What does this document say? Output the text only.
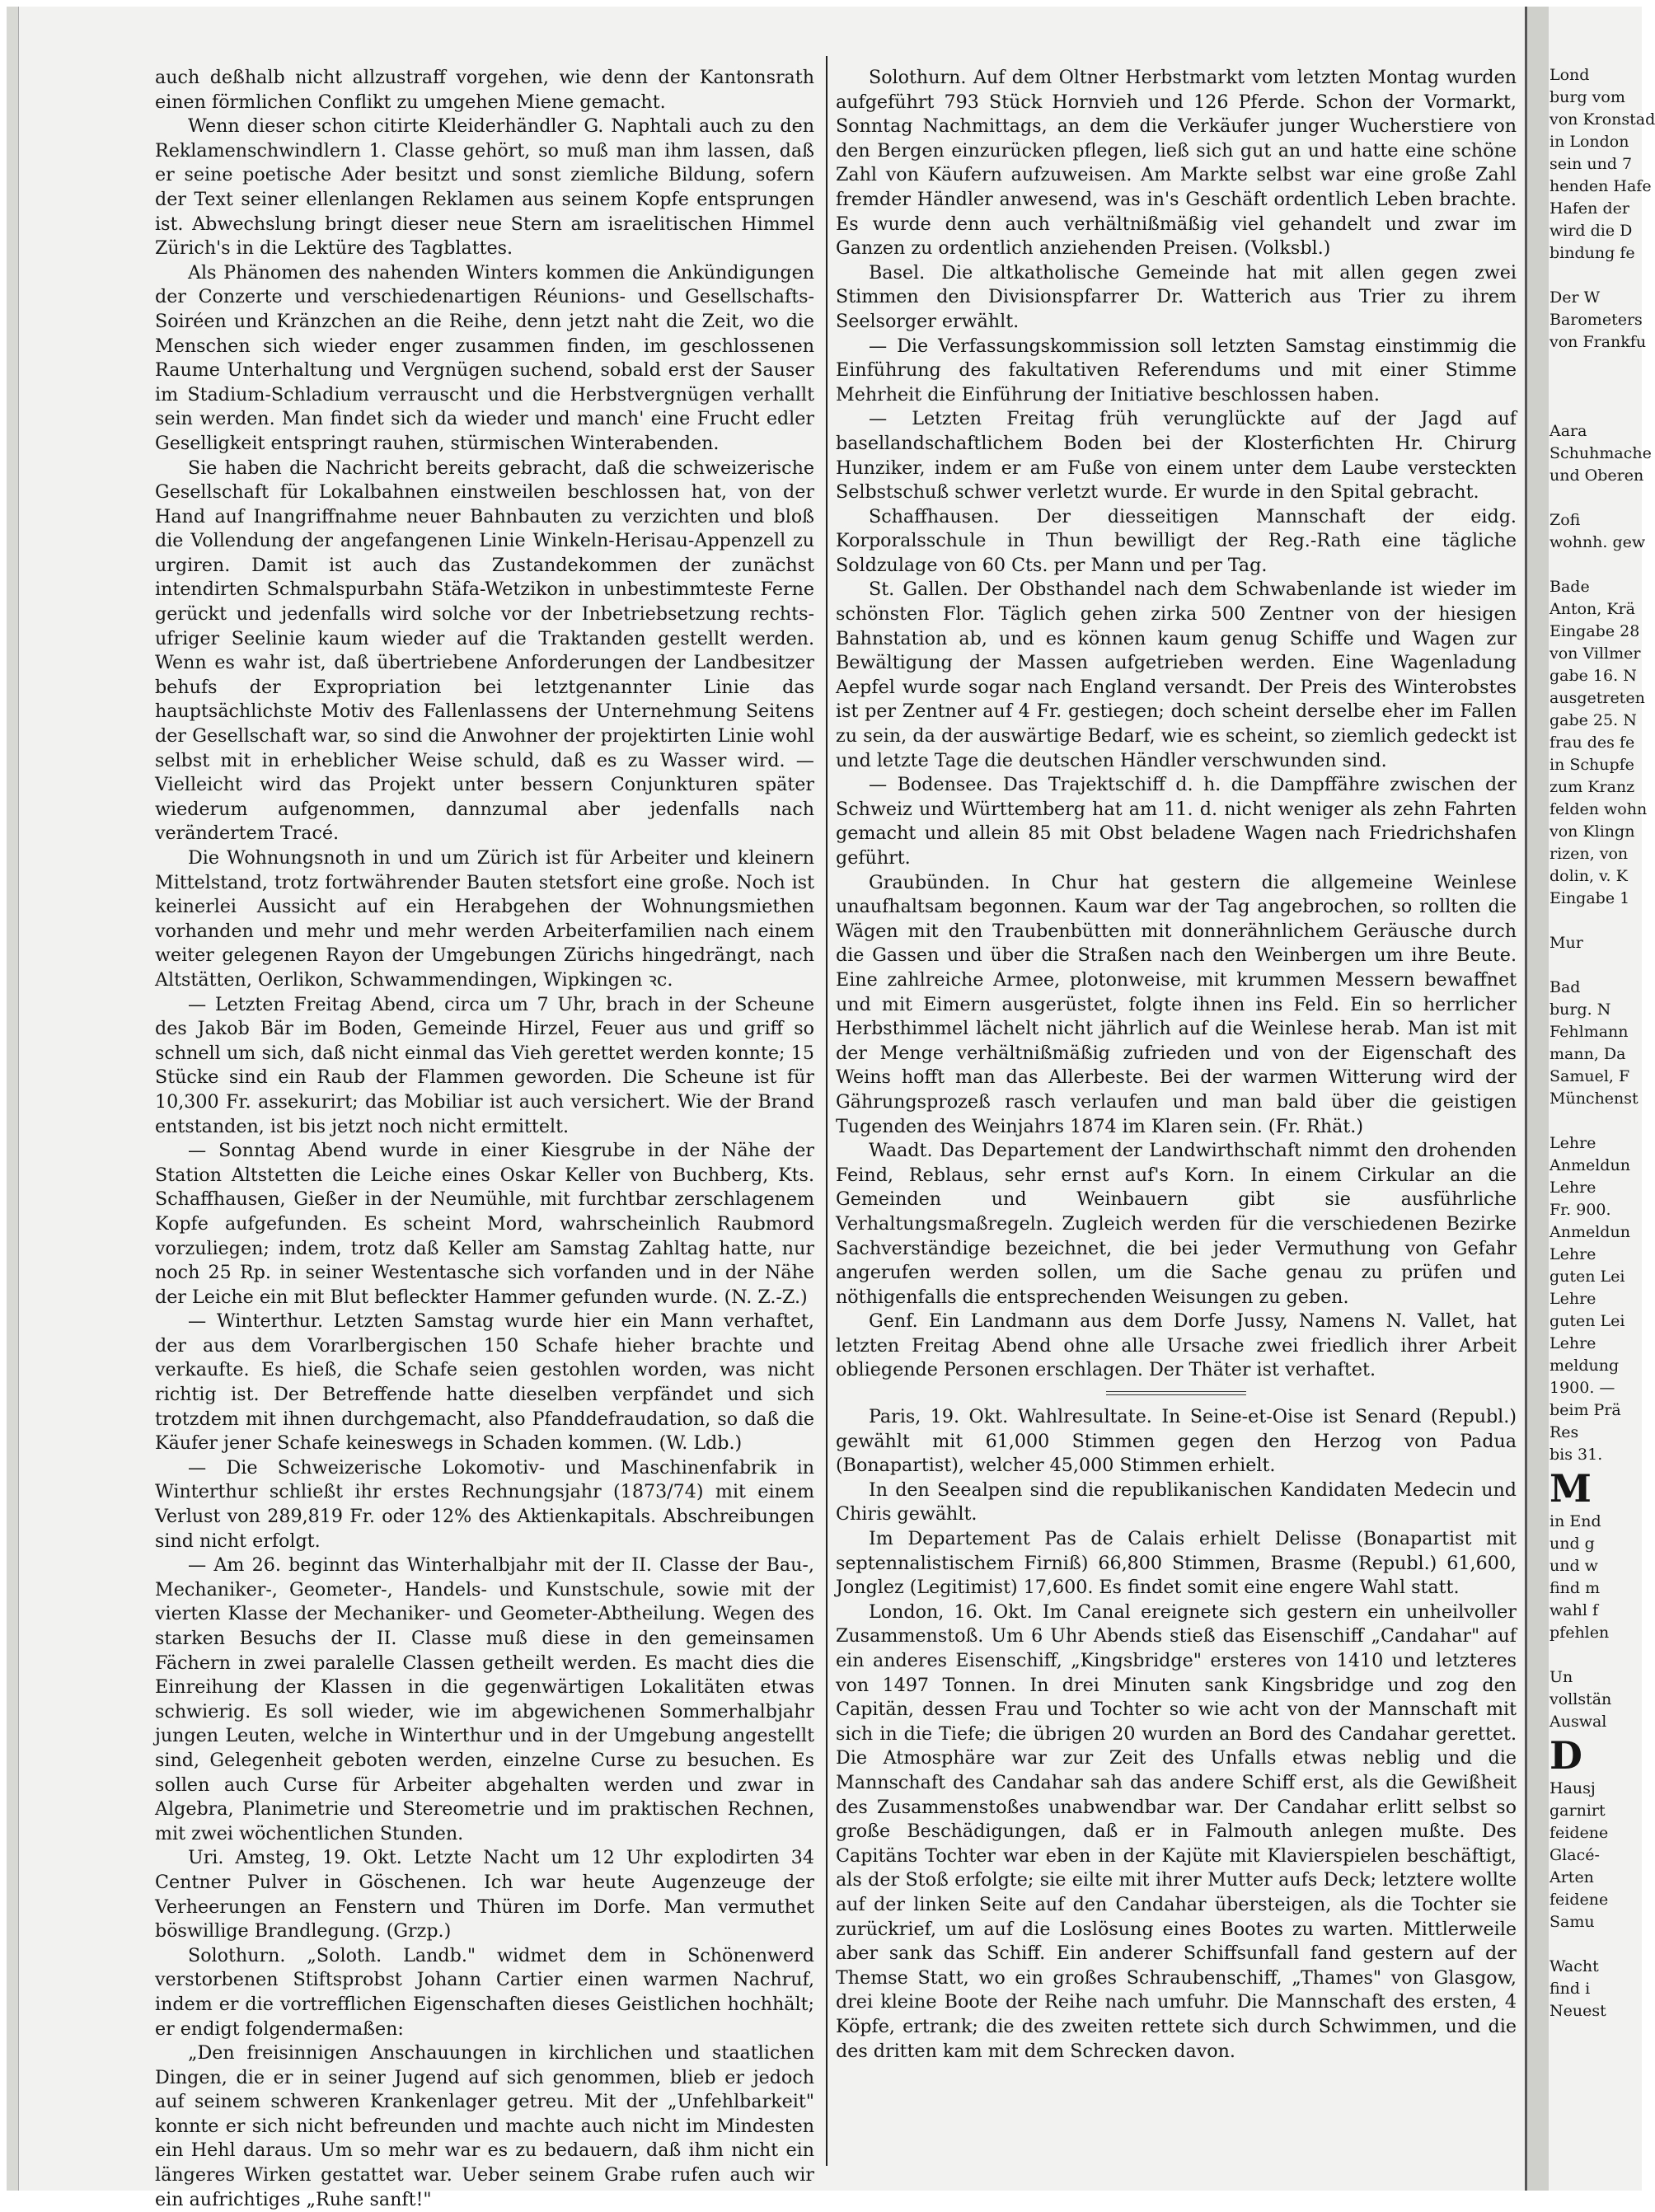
auch deßhalb nicht allzustraff vorgehen, wie denn der Kantonsrath einen förmlichen Conflikt zu umgehen Miene gemacht.

Wenn dieser schon citirte Kleiderhändler G. Naphtali auch zu den Reklamenschwindlern 1. Classe gehört, so muß man ihm lassen, daß er seine poetische Ader besitzt und sonst ziemliche Bildung, sofern der Text seiner ellenlangen Reklamen aus seinem Kopfe entsprungen ist. Abwechslung bringt dieser neue Stern am israelitischen Himmel Zürich's in die Lektüre des Tagblattes.

Als Phänomen des nahenden Winters kommen die Ankündigungen der Conzerte und verschiedenartigen Réunions- und Gesellschafts-Soiréen und Kränzchen an die Reihe, denn jetzt naht die Zeit, wo die Menschen sich wieder enger zusammen finden, im geschlossenen Raume Unterhaltung und Vergnügen suchend, sobald erst der Sauser im Stadium-Schladium verrauscht und die Herbstvergnügen verhallt sein werden. Man findet sich da wieder und manch' eine Frucht edler Geselligkeit entspringt rauhen, stürmischen Winterabenden.

Sie haben die Nachricht bereits gebracht, daß die schweizerische Gesellschaft für Lokalbahnen einstweilen beschlossen hat, von der Hand auf Inangriffnahme neuer Bahnbauten zu verzichten und bloß die Vollendung der angefangenen Linie Winkeln-Herisau-Appenzell zu urgiren. Damit ist auch das Zustandekommen der zunächst intendirten Schmalspurbahn Stäfa-Wetzikon in unbestimmteste Ferne gerückt und jedenfalls wird solche vor der Inbetriebsetzung rechts-ufriger Seelinie kaum wieder auf die Traktanden gestellt werden. Wenn es wahr ist, daß übertriebene Anforderungen der Landbesitzer behufs der Expropriation bei letztgenannter Linie das hauptsächlichste Motiv des Fallenlassens der Unternehmung Seitens der Gesellschaft war, so sind die Anwohner der projektirten Linie wohl selbst mit in erheblicher Weise schuld, daß es zu Wasser wird. — Vielleicht wird das Projekt unter bessern Conjunkturen später wiederum aufgenommen, dannzumal aber jedenfalls nach verändertem Tracé.

Die Wohnungsnoth in und um Zürich ist für Arbeiter und kleinern Mittelstand, trotz fortwährender Bauten stetsfort eine große. Noch ist keinerlei Aussicht auf ein Herabgehen der Wohnungsmiethen vorhanden und mehr und mehr werden Arbeiterfamilien nach einem weiter gelegenen Rayon der Umgebungen Zürichs hingedrängt, nach Altstätten, Oerlikon, Schwammendingen, Wipkingen ꝛc.

— Letzten Freitag Abend, circa um 7 Uhr, brach in der Scheune des Jakob Bär im Boden, Gemeinde Hirzel, Feuer aus und griff so schnell um sich, daß nicht einmal das Vieh gerettet werden konnte; 15 Stücke sind ein Raub der Flammen geworden. Die Scheune ist für 10,300 Fr. assekurirt; das Mobiliar ist auch versichert. Wie der Brand entstanden, ist bis jetzt noch nicht ermittelt.

— Sonntag Abend wurde in einer Kiesgrube in der Nähe der Station Altstetten die Leiche eines Oskar Keller von Buchberg, Kts. Schaffhausen, Gießer in der Neumühle, mit furchtbar zerschlagenem Kopfe aufgefunden. Es scheint Mord, wahrscheinlich Raubmord vorzuliegen; indem, trotz daß Keller am Samstag Zahltag hatte, nur noch 25 Rp. in seiner Westentasche sich vorfanden und in der Nähe der Leiche ein mit Blut befleckter Hammer gefunden wurde. (N. Z.-Z.)

— Winterthur. Letzten Samstag wurde hier ein Mann verhaftet, der aus dem Vorarlbergischen 150 Schafe hieher brachte und verkaufte. Es hieß, die Schafe seien gestohlen worden, was nicht richtig ist. Der Betreffende hatte dieselben verpfändet und sich trotzdem mit ihnen durchgemacht, also Pfanddefraudation, so daß die Käufer jener Schafe keineswegs in Schaden kommen. (W. Ldb.)

— Die Schweizerische Lokomotiv- und Maschinenfabrik in Winterthur schließt ihr erstes Rechnungsjahr (1873/74) mit einem Verlust von 289,819 Fr. oder 12% des Aktienkapitals. Abschreibungen sind nicht erfolgt.

— Am 26. beginnt das Winterhalbjahr mit der II. Classe der Bau-, Mechaniker-, Geometer-, Handels- und Kunstschule, sowie mit der vierten Klasse der Mechaniker- und Geometer-Abtheilung. Wegen des starken Besuchs der II. Classe muß diese in den gemeinsamen Fächern in zwei paralelle Classen getheilt werden. Es macht dies die Einreihung der Klassen in die gegenwärtigen Lokalitäten etwas schwierig. Es soll wieder, wie im abgewichenen Sommerhalbjahr jungen Leuten, welche in Winterthur und in der Umgebung angestellt sind, Gelegenheit geboten werden, einzelne Curse zu besuchen. Es sollen auch Curse für Arbeiter abgehalten werden und zwar in Algebra, Planimetrie und Stereometrie und im praktischen Rechnen, mit zwei wöchentlichen Stunden.

Uri. Amsteg, 19. Okt. Letzte Nacht um 12 Uhr explodirten 34 Centner Pulver in Göschenen. Ich war heute Augenzeuge der Verheerungen an Fenstern und Thüren im Dorfe. Man vermuthet böswillige Brandlegung. (Grzp.)

Solothurn. „Soloth. Landb." widmet dem in Schönenwerd verstorbenen Stiftsprobst Johann Cartier einen warmen Nachruf, indem er die vortrefflichen Eigenschaften dieses Geistlichen hochhält; er endigt folgendermaßen:

„Den freisinnigen Anschauungen in kirchlichen und staatlichen Dingen, die er in seiner Jugend auf sich genommen, blieb er jedoch auf seinem schweren Krankenlager getreu. Mit der „Unfehlbarkeit" konnte er sich nicht befreunden und machte auch nicht im Mindesten ein Hehl daraus. Um so mehr war es zu bedauern, daß ihm nicht ein längeres Wirken gestattet war. Ueber seinem Grabe rufen auch wir ein aufrichtiges „Ruhe sanft!"

Solothurn. Auf dem Oltner Herbstmarkt vom letzten Montag wurden aufgeführt 793 Stück Hornvieh und 126 Pferde. Schon der Vormarkt, Sonntag Nachmittags, an dem die Verkäufer junger Wucherstiere von den Bergen einzurücken pflegen, ließ sich gut an und hatte eine schöne Zahl von Käufern aufzuweisen. Am Markte selbst war eine große Zahl fremder Händler anwesend, was in's Geschäft ordentlich Leben brachte. Es wurde denn auch verhältnißmäßig viel gehandelt und zwar im Ganzen zu ordentlich anziehenden Preisen. (Volksbl.)

Basel. Die altkatholische Gemeinde hat mit allen gegen zwei Stimmen den Divisionspfarrer Dr. Watterich aus Trier zu ihrem Seelsorger erwählt.

— Die Verfassungskommission soll letzten Samstag einstimmig die Einführung des fakultativen Referendums und mit einer Stimme Mehrheit die Einführung der Initiative beschlossen haben.

— Letzten Freitag früh verunglückte auf der Jagd auf basellandschaftlichem Boden bei der Klosterfichten Hr. Chirurg Hunziker, indem er am Fuße von einem unter dem Laube versteckten Selbstschuß schwer verletzt wurde. Er wurde in den Spital gebracht.

Schaffhausen. Der diesseitigen Mannschaft der eidg. Korporalsschule in Thun bewilligt der Reg.-Rath eine tägliche Soldzulage von 60 Cts. per Mann und per Tag.

St. Gallen. Der Obsthandel nach dem Schwabenlande ist wieder im schönsten Flor. Täglich gehen zirka 500 Zentner von der hiesigen Bahnstation ab, und es können kaum genug Schiffe und Wagen zur Bewältigung der Massen aufgetrieben werden. Eine Wagenladung Aepfel wurde sogar nach England versandt. Der Preis des Winterobstes ist per Zentner auf 4 Fr. gestiegen; doch scheint derselbe eher im Fallen zu sein, da der auswärtige Bedarf, wie es scheint, so ziemlich gedeckt ist und letzte Tage die deutschen Händler verschwunden sind.

— Bodensee. Das Trajektschiff d. h. die Dampffähre zwischen der Schweiz und Württemberg hat am 11. d. nicht weniger als zehn Fahrten gemacht und allein 85 mit Obst beladene Wagen nach Friedrichshafen geführt.

Graubünden. In Chur hat gestern die allgemeine Weinlese unaufhaltsam begonnen. Kaum war der Tag angebrochen, so rollten die Wägen mit den Traubenbütten mit donnerähnlichem Geräusche durch die Gassen und über die Straßen nach den Weinbergen um ihre Beute. Eine zahlreiche Armee, plotonweise, mit krummen Messern bewaffnet und mit Eimern ausgerüstet, folgte ihnen ins Feld. Ein so herrlicher Herbsthimmel lächelt nicht jährlich auf die Weinlese herab. Man ist mit der Menge verhältnißmäßig zufrieden und von der Eigenschaft des Weins hofft man das Allerbeste. Bei der warmen Witterung wird der Gährungsprozeß rasch verlaufen und man bald über die geistigen Tugenden des Weinjahrs 1874 im Klaren sein. (Fr. Rhät.)

Waadt. Das Departement der Landwirthschaft nimmt den drohenden Feind, Reblaus, sehr ernst auf's Korn. In einem Cirkular an die Gemeinden und Weinbauern gibt sie ausführliche Verhaltungsmaßregeln. Zugleich werden für die verschiedenen Bezirke Sachverständige bezeichnet, die bei jeder Vermuthung von Gefahr angerufen werden sollen, um die Sache genau zu prüfen und nöthigenfalls die entsprechenden Weisungen zu geben.

Genf. Ein Landmann aus dem Dorfe Jussy, Namens N. Vallet, hat letzten Freitag Abend ohne alle Ursache zwei friedlich ihrer Arbeit obliegende Personen erschlagen. Der Thäter ist verhaftet.

Paris, 19. Okt. Wahlresultate. In Seine-et-Oise ist Senard (Republ.) gewählt mit 61,000 Stimmen gegen den Herzog von Padua (Bonapartist), welcher 45,000 Stimmen erhielt.

In den Seealpen sind die republikanischen Kandidaten Medecin und Chiris gewählt.

Im Departement Pas de Calais erhielt Delisse (Bonapartist mit septennalistischem Firniß) 66,800 Stimmen, Brasme (Republ.) 61,600, Jonglez (Legitimist) 17,600. Es findet somit eine engere Wahl statt.

London, 16. Okt. Im Canal ereignete sich gestern ein unheilvoller Zusammenstoß. Um 6 Uhr Abends stieß das Eisenschiff „Candahar" auf ein anderes Eisenschiff, „Kingsbridge" ersteres von 1410 und letzteres von 1497 Tonnen. In drei Minuten sank Kingsbridge und zog den Capitän, dessen Frau und Tochter so wie acht von der Mannschaft mit sich in die Tiefe; die übrigen 20 wurden an Bord des Candahar gerettet. Die Atmosphäre war zur Zeit des Unfalls etwas neblig und die Mannschaft des Candahar sah das andere Schiff erst, als die Gewißheit des Zusammenstoßes unabwendbar war. Der Candahar erlitt selbst so große Beschädigungen, daß er in Falmouth anlegen mußte. Des Capitäns Tochter war eben in der Kajüte mit Klavierspielen beschäftigt, als der Stoß erfolgte; sie eilte mit ihrer Mutter aufs Deck; letztere wollte auf der linken Seite auf den Candahar übersteigen, als die Tochter sie zurückrief, um auf die Loslösung eines Bootes zu warten. Mittlerweile aber sank das Schiff. Ein anderer Schiffsunfall fand gestern auf der Themse Statt, wo ein großes Schraubenschiff, „Thames" von Glasgow, drei kleine Boote der Reihe nach umfuhr. Die Mannschaft des ersten, 4 Köpfe, ertrank; die des zweiten rettete sich durch Schwimmen, und die des dritten kam mit dem Schrecken davon.

Lond
burg vom
von Kronstad
in London
sein und 7
henden Hafe
Hafen der
wird die D
bindung fe
Der W
Barometers
von Frankfu
Aara
Schuhmache
und Oberen
Zofi
wohnh. gew
Bade
Anton, Krä
Eingabe 28
von Villmer
gabe 16. N
ausgetreten
gabe 25. N
frau des fe
in Schupfe
zum Kranz
felden wohn
von Klingn
rizen, von
dolin, v. K
Eingabe 1
Mur
Bad
burg. N
Fehlmann
mann, Da
Samuel, F
Münchenst
Lehre
Anmeldun
Lehre
Fr. 900.
Anmeldun
Lehre
guten Lei
Lehre
guten Lei
Lehre
meldung
1900. —
beim Prä
Res
bis 31.
M
in End
und g
und w
find m
wahl f
pfehlen
Un
vollstän
Auswal
D
Hausj
garnirt
feidene
Glacé-
Arten
feidene
Samu
Wacht
find i
Neuest
